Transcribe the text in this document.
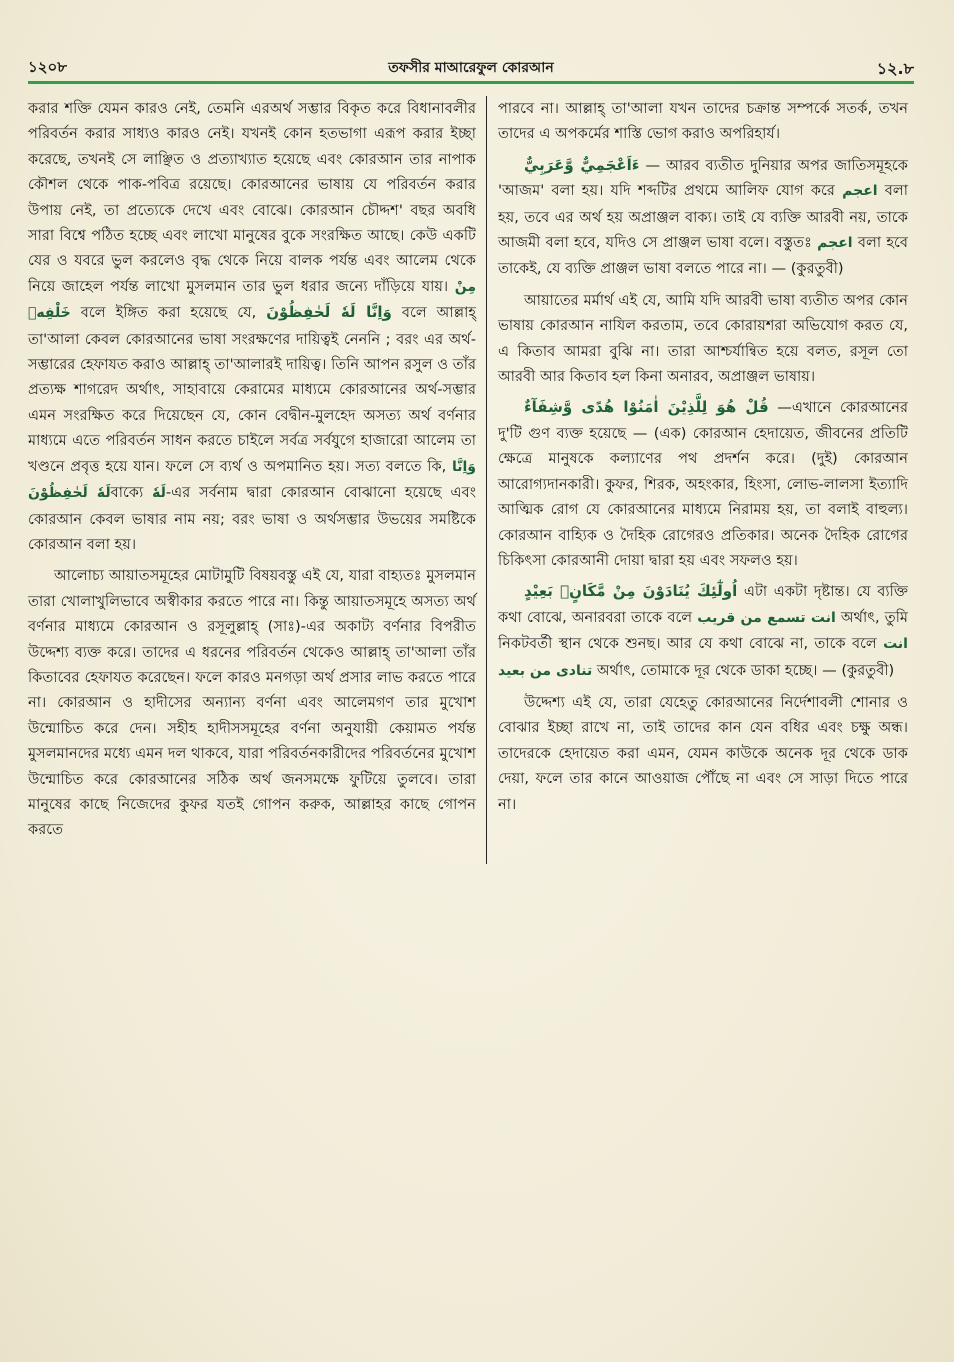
১২০৮	তফসীর মাআরেফুল কোরআন	১২.৮

করার শক্তি যেমন কারও নেই, তেমনি এরঅর্থ সম্ভার বিকৃত করে বিধানাবলীর পরিবর্তন করার সাধ্যও কারও নেই। যখনই কোন হতভাগা এরূপ করার ইচ্ছা করেছে, তখনই সে লাঞ্ছিত ও প্রত্যাখ্যাত হয়েছে এবং কোরআন তার নাপাক কৌশল থেকে পাক-পবিত্র রয়েছে। কোরআনের ভাষায় যে পরিবর্তন করার উপায় নেই, তা প্রত্যেকে দেখে এবং বোঝে। কোরআন চৌদ্দশ' বছর অবধি সারা বিশ্বে পঠিত হচ্ছে এবং লাখো মানুষের বুকে সংরক্ষিত আছে। কেউ একটি যের ও যবরে ভুল করলেও বৃদ্ধ থেকে নিয়ে বালক পর্যন্ত এবং আলেম থেকে নিয়ে জাহেল পর্যন্ত লাখো মুসলমান তার ভুল ধরার জন্যে দাঁড়িয়ে যায়। مِنْ خَلْفِهٖ বলে ইঙ্গিত করা হয়েছে যে, وَاِنَّا لَهٗ لَحٰفِظُوْنَ বলে আল্লাহ্ তা'আলা কেবল কোরআনের ভাষা সংরক্ষণের দায়িত্বই নেননি ; বরং এর অর্থ-সম্ভারের হেফাযত করাও আল্লাহ্ তা'আলারই দায়িত্ব। তিনি আপন রসুল ও তাঁর প্রত্যক্ষ শাগরেদ অর্থাৎ, সাহাবায়ে কেরামের মাধ্যমে কোরআনের অর্থ-সম্ভার এমন সংরক্ষিত করে দিয়েছেন যে, কোন বেদ্বীন-মুলহেদ অসত্য অর্থ বর্ণনার মাধ্যমে এতে পরিবর্তন সাধন করতে চাইলে সর্বত্র সর্বযুগে হাজারো আলেম তা খণ্ডনে প্রবৃত্ত হয়ে যান। ফলে সে ব্যর্থ ও অপমানিত হয়। সত্য বলতে কি, وَاِنَّا لَهٗ لَحٰفِظُوْنَবাক্যে لَهٗ-এর সর্বনাম দ্বারা কোরআন বোঝানো হয়েছে এবং কোরআন কেবল ভাষার নাম নয়; বরং ভাষা ও অর্থসম্ভার উভয়ের সমষ্টিকে কোরআন বলা হয়।

আলোচ্য আয়াতসমূহের মোটামুটি বিষয়বস্তু এই যে, যারা বাহ্যতঃ মুসলমান তারা খোলাখুলিভাবে অস্বীকার করতে পারে না। কিন্তু আয়াতসমূহে অসত্য অর্থ বর্ণনার মাধ্যমে কোরআন ও রসূলুল্লাহ্ (সাঃ)-এর অকাট্য বর্ণনার বিপরীত উদ্দেশ্য ব্যক্ত করে। তাদের এ ধরনের পরিবর্তন থেকেও আল্লাহ্ তা'আলা তাঁর কিতাবের হেফাযত করেছেন। ফলে কারও মনগড়া অর্থ প্রসার লাভ করতে পারে না। কোরআন ও হাদীসের অন্যান্য বর্ণনা এবং আলেমগণ তার মুখোশ উন্মোচিত করে দেন। সহীহ হাদীসসমূহের বর্ণনা অনুযায়ী কেয়ামত পর্যন্ত মুসলমানদের মধ্যে এমন দল থাকবে, যারা পরিবর্তনকারীদের পরিবর্তনের মুখোশ উন্মোচিত করে কোরআনের সঠিক অর্থ জনসমক্ষে ফুটিয়ে তুলবে। তারা মানুষের কাছে নিজেদের কুফর যতই গোপন করুক, আল্লাহর কাছে গোপন করতে

পারবে না। আল্লাহ্ তা'আলা যখন তাদের চক্রান্ত সম্পর্কে সতর্ক, তখন তাদের এ অপকর্মের শাস্তি ভোগ করাও অপরিহার্য।

ءَاَعْجَمِيٌّ وَّعَرَبِيٌّ — আরব ব্যতীত দুনিয়ার অপর জাতিসমূহকে 'আজম' বলা হয়। যদি শব্দটির প্রথমে আলিফ যোগ করে اعجم বলা হয়, তবে এর অর্থ হয় অপ্রাঞ্জল বাক্য। তাই যে ব্যক্তি আরবী নয়, তাকে আজমী বলা হবে, যদিও সে প্রাঞ্জল ভাষা বলে। বস্তুতঃ اعجم বলা হবে তাকেই, যে ব্যক্তি প্রাঞ্জল ভাষা বলতে পারে না। — (কুরতুবী)

আয়াতের মর্মার্থ এই যে, আমি যদি আরবী ভাষা ব্যতীত অপর কোন ভাষায় কোরআন নাযিল করতাম, তবে কোরায়শরা অভিযোগ করত যে, এ কিতাব আমরা বুঝি না। তারা আশ্চর্যান্বিত হয়ে বলত, রসূল তো আরবী আর কিতাব হল কিনা অনারব, অপ্রাঞ্জল ভাষায়।

قُلْ هُوَ لِلَّذِيْنَ اٰمَنُوْا هُدًى وَّشِفَآءٌ —এখানে কোরআনের দু'টি গুণ ব্যক্ত হয়েছে — (এক) কোরআন হেদায়েত, জীবনের প্রতিটি ক্ষেত্রে মানুষকে কল্যাণের পথ প্রদর্শন করে। (দুই) কোরআন আরোগ্যদানকারী। কুফর, শিরক, অহংকার, হিংসা, লোভ-লালসা ইত্যাদি আত্মিক রোগ যে কোরআনের মাধ্যমে নিরাময় হয়, তা বলাই বাহুল্য। কোরআন বাহ্যিক ও দৈহিক রোগেরও প্রতিকার। অনেক দৈহিক রোগের চিকিৎসা কোরআনী দোয়া দ্বারা হয় এবং সফলও হয়।

اُولٰٓئِكَ يُنَادَوْنَ مِنْ مَّكَانٍۭ بَعِيْدٍ এটা একটা দৃষ্টান্ত। যে ব্যক্তি কথা বোঝে, অনারবরা তাকে বলে انت تسمع من قريب অর্থাৎ, তুমি নিকটবর্তী স্থান থেকে শুনছ। আর যে কথা বোঝে না, তাকে বলে انت تنادى من بعيد অর্থাৎ, তোমাকে দূর থেকে ডাকা হচ্ছে। — (কুরতুবী)

উদ্দেশ্য এই যে, তারা যেহেতু কোরআনের নির্দেশাবলী শোনার ও বোঝার ইচ্ছা রাখে না, তাই তাদের কান যেন বধির এবং চক্ষু অন্ধ। তাদেরকে হেদায়েত করা এমন, যেমন কাউকে অনেক দূর থেকে ডাক দেয়া, ফলে তার কানে আওয়াজ পৌঁছে না এবং সে সাড়া দিতে পারে না।
